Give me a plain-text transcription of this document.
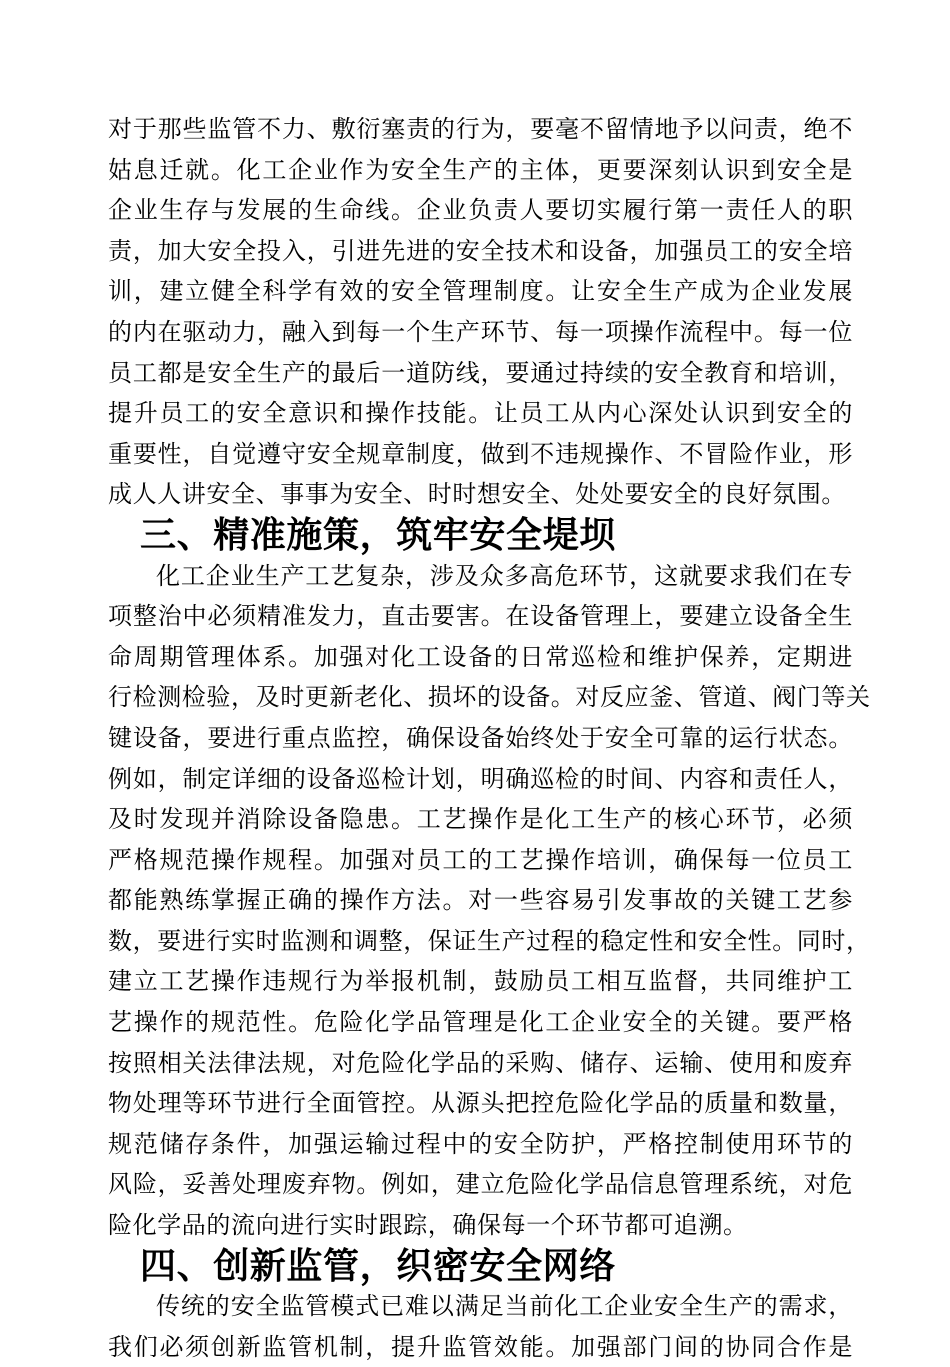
对于那些监管不力、敷衍塞责的行为，要毫不留情地予以问责，绝不
姑息迁就。化工企业作为安全生产的主体，更要深刻认识到安全是
企业生存与发展的生命线。企业负责人要切实履行第一责任人的职
责，加大安全投入，引进先进的安全技术和设备，加强员工的安全培
训，建立健全科学有效的安全管理制度。让安全生产成为企业发展
的内在驱动力，融入到每一个生产环节、每一项操作流程中。每一位
员工都是安全生产的最后一道防线，要通过持续的安全教育和培训，
提升员工的安全意识和操作技能。让员工从内心深处认识到安全的
重要性，自觉遵守安全规章制度，做到不违规操作、不冒险作业，形
成人人讲安全、事事为安全、时时想安全、处处要安全的良好氛围。
三、精准施策，筑牢安全堤坝
化工企业生产工艺复杂，涉及众多高危环节，这就要求我们在专
项整治中必须精准发力，直击要害。在设备管理上，要建立设备全生
命周期管理体系。加强对化工设备的日常巡检和维护保养，定期进
行检测检验，及时更新老化、损坏的设备。对反应釜、管道、阀门等关
键设备，要进行重点监控，确保设备始终处于安全可靠的运行状态。
例如，制定详细的设备巡检计划，明确巡检的时间、内容和责任人，
及时发现并消除设备隐患。工艺操作是化工生产的核心环节，必须
严格规范操作规程。加强对员工的工艺操作培训，确保每一位员工
都能熟练掌握正确的操作方法。对一些容易引发事故的关键工艺参
数，要进行实时监测和调整，保证生产过程的稳定性和安全性。同时，
建立工艺操作违规行为举报机制，鼓励员工相互监督，共同维护工
艺操作的规范性。危险化学品管理是化工企业安全的关键。要严格
按照相关法律法规，对危险化学品的采购、储存、运输、使用和废弃
物处理等环节进行全面管控。从源头把控危险化学品的质量和数量，
规范储存条件，加强运输过程中的安全防护，严格控制使用环节的
风险，妥善处理废弃物。例如，建立危险化学品信息管理系统，对危
险化学品的流向进行实时跟踪，确保每一个环节都可追溯。
四、创新监管，织密安全网络
传统的安全监管模式已难以满足当前化工企业安全生产的需求，
我们必须创新监管机制，提升监管效能。加强部门间的协同合作是
